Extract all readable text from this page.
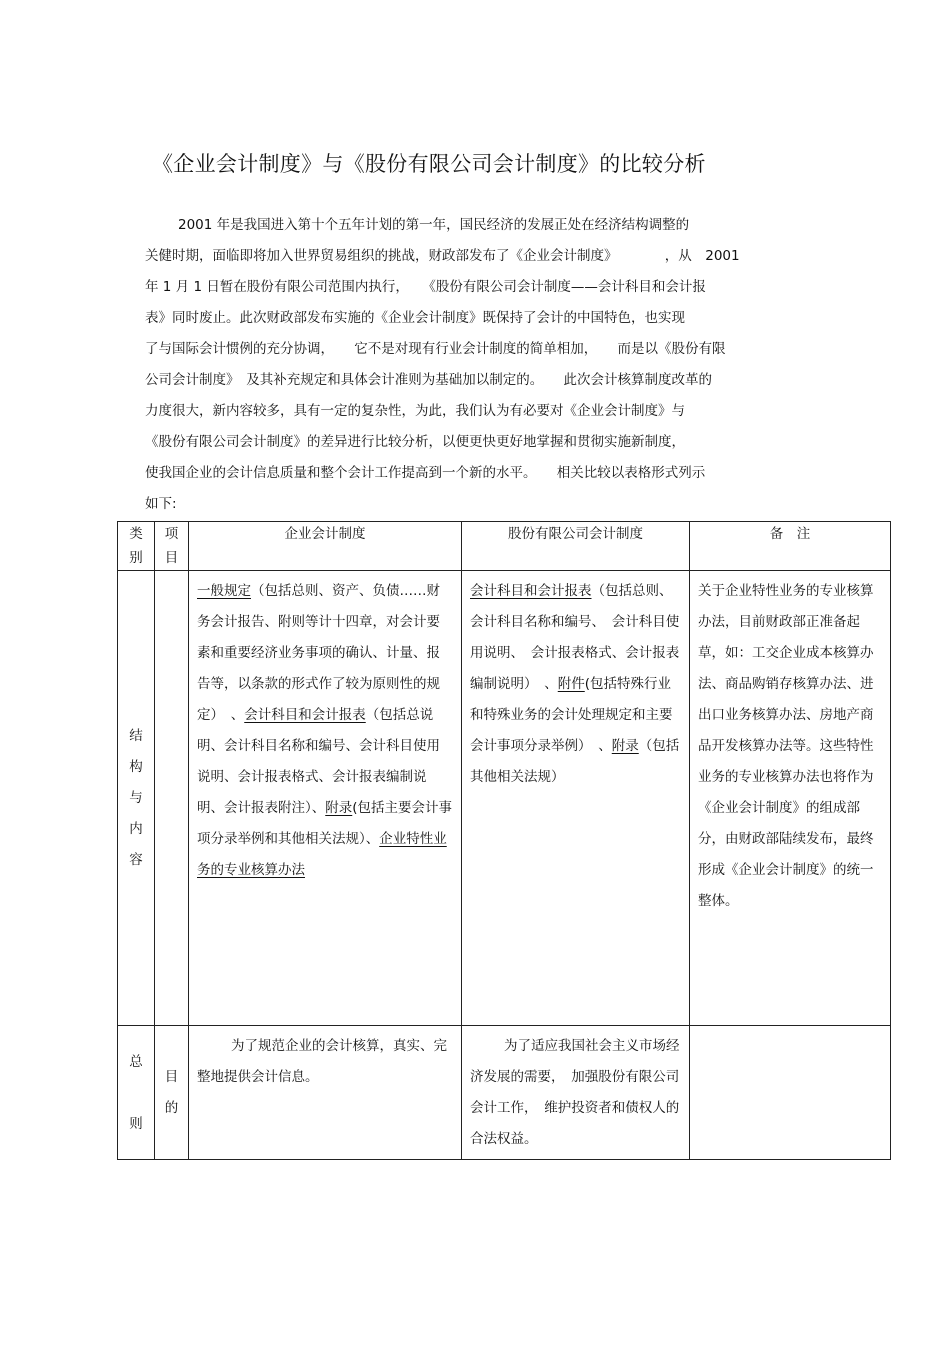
《企业会计制度》与《股份有限公司会计制度》的比较分析
2001 年是我国进入第十个五年计划的第一年，国民经济的发展正处在经济结构调整的
关健时期，面临即将加入世界贸易组织的挑战，财政部发布了《企业会计制度》　　　　，从　2001
年 1 月 1 日暂在股份有限公司范围内执行，　　《股份有限公司会计制度——会计科目和会计报
表》同时废止。此次财政部发布实施的《企业会计制度》既保持了会计的中国特色，也实现
了与国际会计惯例的充分协调，　　它不是对现有行业会计制度的简单相加，　　而是以《股份有限
公司会计制度》　及其补充规定和具体会计准则为基础加以制定的。　　此次会计核算制度改革的
力度很大，新内容较多，具有一定的复杂性，为此，我们认为有必要对《企业会计制度》与
《股份有限公司会计制度》的差异进行比较分析，以便更快更好地掌握和贯彻实施新制度，
使我国企业的会计信息质量和整个会计工作提高到一个新的水平。　　相关比较以表格形式列示
如下:
类别	项目	企业会计制度	股份有限公司会计制度	备　注

结构与内容		一般规定（包括总则、资产、负债……财务会计报告、附则等计十四章，对会计要素和重要经济业务事项的确认、计量、报告等，以条款的形式作了较为原则性的规定）　、会计科目和会计报表（包括总说明、会计科目名称和编号、会计科目使用说明、会计报表格式、会计报表编制说明、会计报表附注）、附录(包括主要会计事项分录举例和其他相关法规）、企业特性业务的专业核算办法	会计科目和会计报表（包括总则、会计科目名称和编号、　会计科目使用说明、　会计报表格式、会计报表编制说明）　、附件(包括特殊行业和特殊业务的会计处理规定和主要会计事项分录举例）　、附录（包括其他相关法规）	关于企业特性业务的专业核算办法，目前财政部正准备起草，如：工交企业成本核算办法、商品购销存核算办法、进出口业务核算办法、房地产商品开发核算办法等。这些特性业务的专业核算办法也将作为《企业会计制度》的组成部分，由财政部陆续发布，最终形成《企业会计制度》的统一整体。

总则	目的	为了规范企业的会计核算，真实、完整地提供会计信息。	为了适应我国社会主义市场经济发展的需要，　加强股份有限公司会计工作，　维护投资者和债权人的合法权益。	
